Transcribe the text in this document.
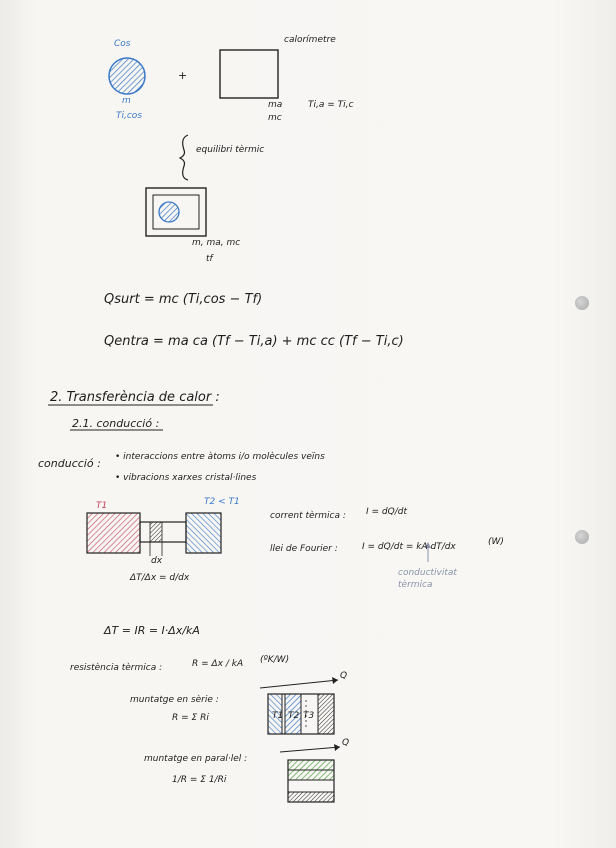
Cos
m
Ti,cos
+
calorímetre
ma
mc
Ti,a = Ti,c
equilibri tèrmic
m, ma, mc
tf
Qsurt = mc (Ti,cos − Tf)
Qentra = ma ca (Tf − Ti,a) + mc cc (Tf − Ti,c)
2. Transferència de calor :
2.1. conducció :
conducció : • interaccions entre àtoms i/o molècules veïns
• vibracions xarxes cristal·lines
T1	T2 < T1
dx
ΔT/Δx = d/dx
corrent tèrmica : I = dQ/dt
llei de Fourier :	I = dQ/dt = kA dT/dx	(W)
conductivitat tèrmica
ΔT = IR = I·Δx/kA
resistència tèrmica :	R = Δx / kA (ºK/W)
muntatge en sèrie :
R = Σ Ri
Q
T1 T2 T3
muntatge en paral·lel :
1/R = Σ 1/Ri
Q
